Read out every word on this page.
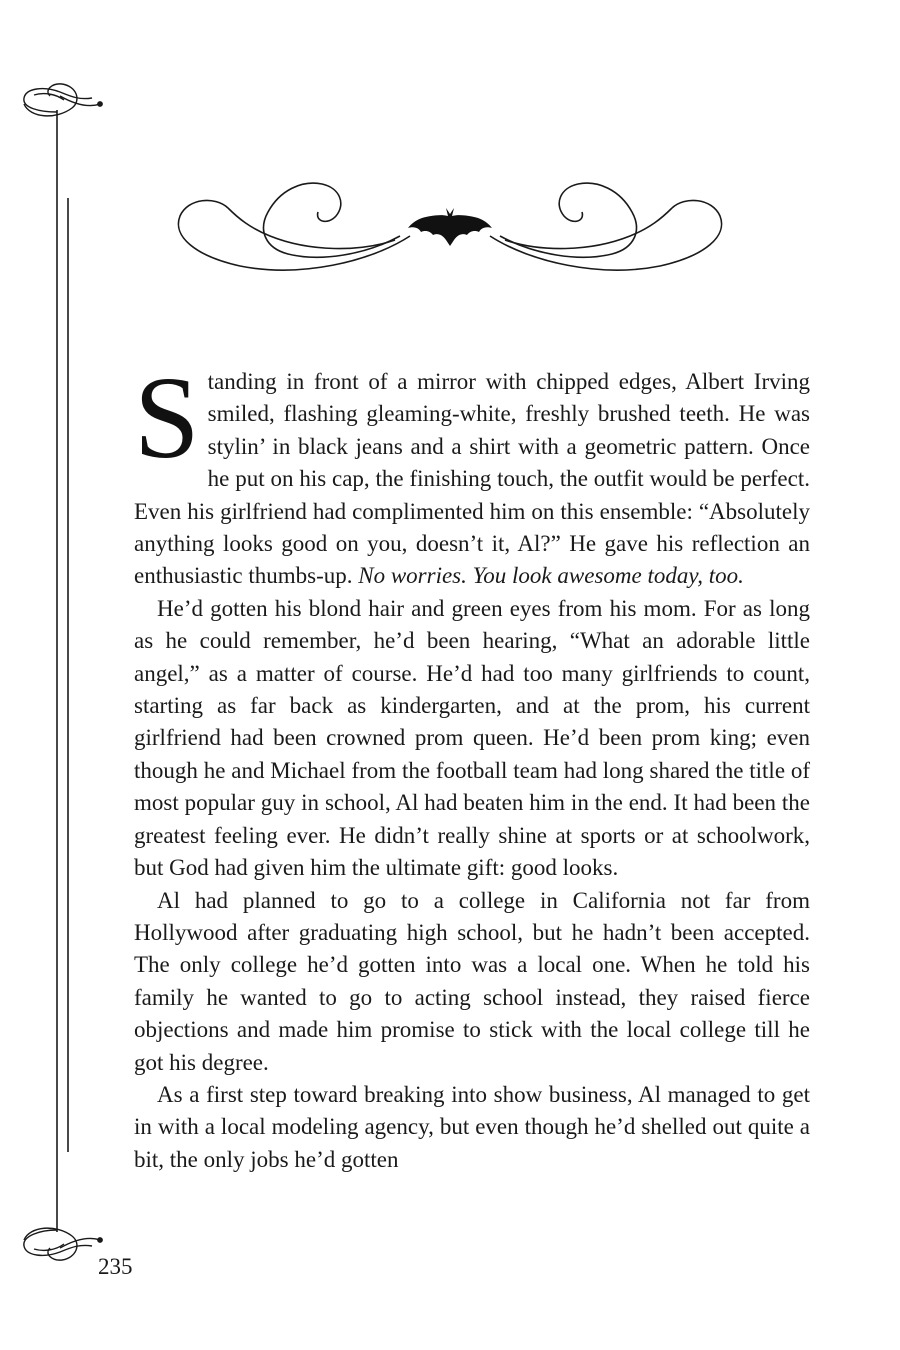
Standing in front of a mirror with chipped edges, Albert Irving smiled, flashing gleaming-white, freshly brushed teeth. He was stylin’ in black jeans and a shirt with a geometric pattern. Once he put on his cap, the finishing touch, the outfit would be perfect. Even his girlfriend had complimented him on this ensemble: “Absolutely anything looks good on you, doesn’t it, Al?” He gave his reflection an enthusiastic thumbs-up. No worries. You look awesome today, too.

He’d gotten his blond hair and green eyes from his mom. For as long as he could remember, he’d been hearing, “What an adorable little angel,” as a matter of course. He’d had too many girlfriends to count, starting as far back as kindergarten, and at the prom, his current girlfriend had been crowned prom queen. He’d been prom king; even though he and Michael from the football team had long shared the title of most popular guy in school, Al had beaten him in the end. It had been the greatest feeling ever. He didn’t really shine at sports or at schoolwork, but God had given him the ultimate gift: good looks.

Al had planned to go to a college in California not far from Hollywood after graduating high school, but he hadn’t been accepted. The only college he’d gotten into was a local one. When he told his family he wanted to go to acting school instead, they raised fierce objections and made him promise to stick with the local college till he got his degree.

As a first step toward breaking into show business, Al managed to get in with a local modeling agency, but even though he’d shelled out quite a bit, the only jobs he’d gotten

235
